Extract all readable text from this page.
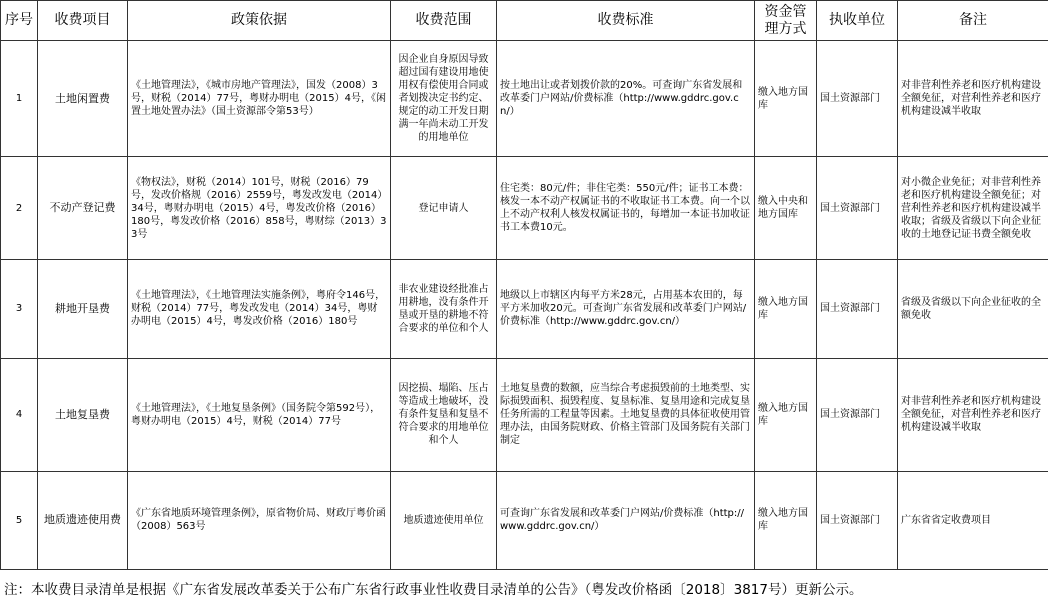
序号	收费项目	政策依据	收费范围	收费标准	资金管理方式	执收单位	备注
1	土地闲置费	《土地管理法》，《城市房地产管理法》，国发（2008）3号，财税（2014）77号，粤财办明电（2015）4号，《闲置土地处置办法》（国土资源部令第53号）	因企业自身原因导致超过国有建设用地使用权有偿使用合同或者划拨决定书约定、规定的动工开发日期满一年尚未动工开发的用地单位	按土地出让或者划拨价款的20%。可查询广东省发展和改革委门户网站/价费标准（http://www.gddrc.gov.cn/）	缴入地方国库	国土资源部门	对非营利性养老和医疗机构建设全额免征，对营利性养老和医疗机构建设减半收取
2	不动产登记费	《物权法》，财税（2014）101号，财税（2016）79号，发改价格规（2016）2559号，粤发改发电（2014）34号，粤财办明电（2015）4号，粤发改价格（2016）180号，粤发改价格（2016）858号，粤财综（2013）33号	登记申请人	住宅类：80元/件；非住宅类：550元/件；证书工本费：核发一本不动产权属证书的不收取证书工本费。向一个以上不动产权利人核发权属证书的，每增加一本证书加收证书工本费10元。	缴入中央和地方国库	国土资源部门	对小微企业免征；对非营利性养老和医疗机构建设全额免征；对营利性养老和医疗机构建设减半收取；省级及省级以下向企业征收的土地登记证书费全额免收
3	耕地开垦费	《土地管理法》，《土地管理法实施条例》，粤府令146号，财税（2014）77号，粤发改发电（2014）34号，粤财办明电（2015）4号，粤发改价格（2016）180号	非农业建设经批准占用耕地，没有条件开垦或开垦的耕地不符合要求的单位和个人	地级以上市辖区内每平方米28元，占用基本农田的，每平方米加收20元。可查询广东省发展和改革委门户网站/价费标准（http://www.gddrc.gov.cn/）	缴入地方国库	国土资源部门	省级及省级以下向企业征收的全额免收
4	土地复垦费	《土地管理法》，《土地复垦条例》（国务院令第592号），粤财办明电（2015）4号，财税（2014）77号	因挖损、塌陷、压占等造成土地破坏，没有条件复垦和复垦不符合要求的用地单位和个人	土地复垦费的数额，应当综合考虑损毁前的土地类型、实际损毁面积、损毁程度、复垦标准、复垦用途和完成复垦任务所需的工程量等因素。土地复垦费的具体征收使用管理办法，由国务院财政、价格主管部门及国务院有关部门制定	缴入地方国库	国土资源部门	对非营利性养老和医疗机构建设全额免征，对营利性养老和医疗机构建设减半收取
5	地质遗迹使用费	《广东省地质环境管理条例》，原省物价局、财政厅粤价函（2008）563号	地质遗迹使用单位	可查询广东省发展和改革委门户网站/价费标准（http://www.gddrc.gov.cn/）	缴入地方国库	国土资源部门	广东省省定收费项目
注：本收费目录清单是根据《广东省发展改革委关于公布广东省行政事业性收费目录清单的公告》（粤发改价格函〔2018〕3817号）更新公示。
